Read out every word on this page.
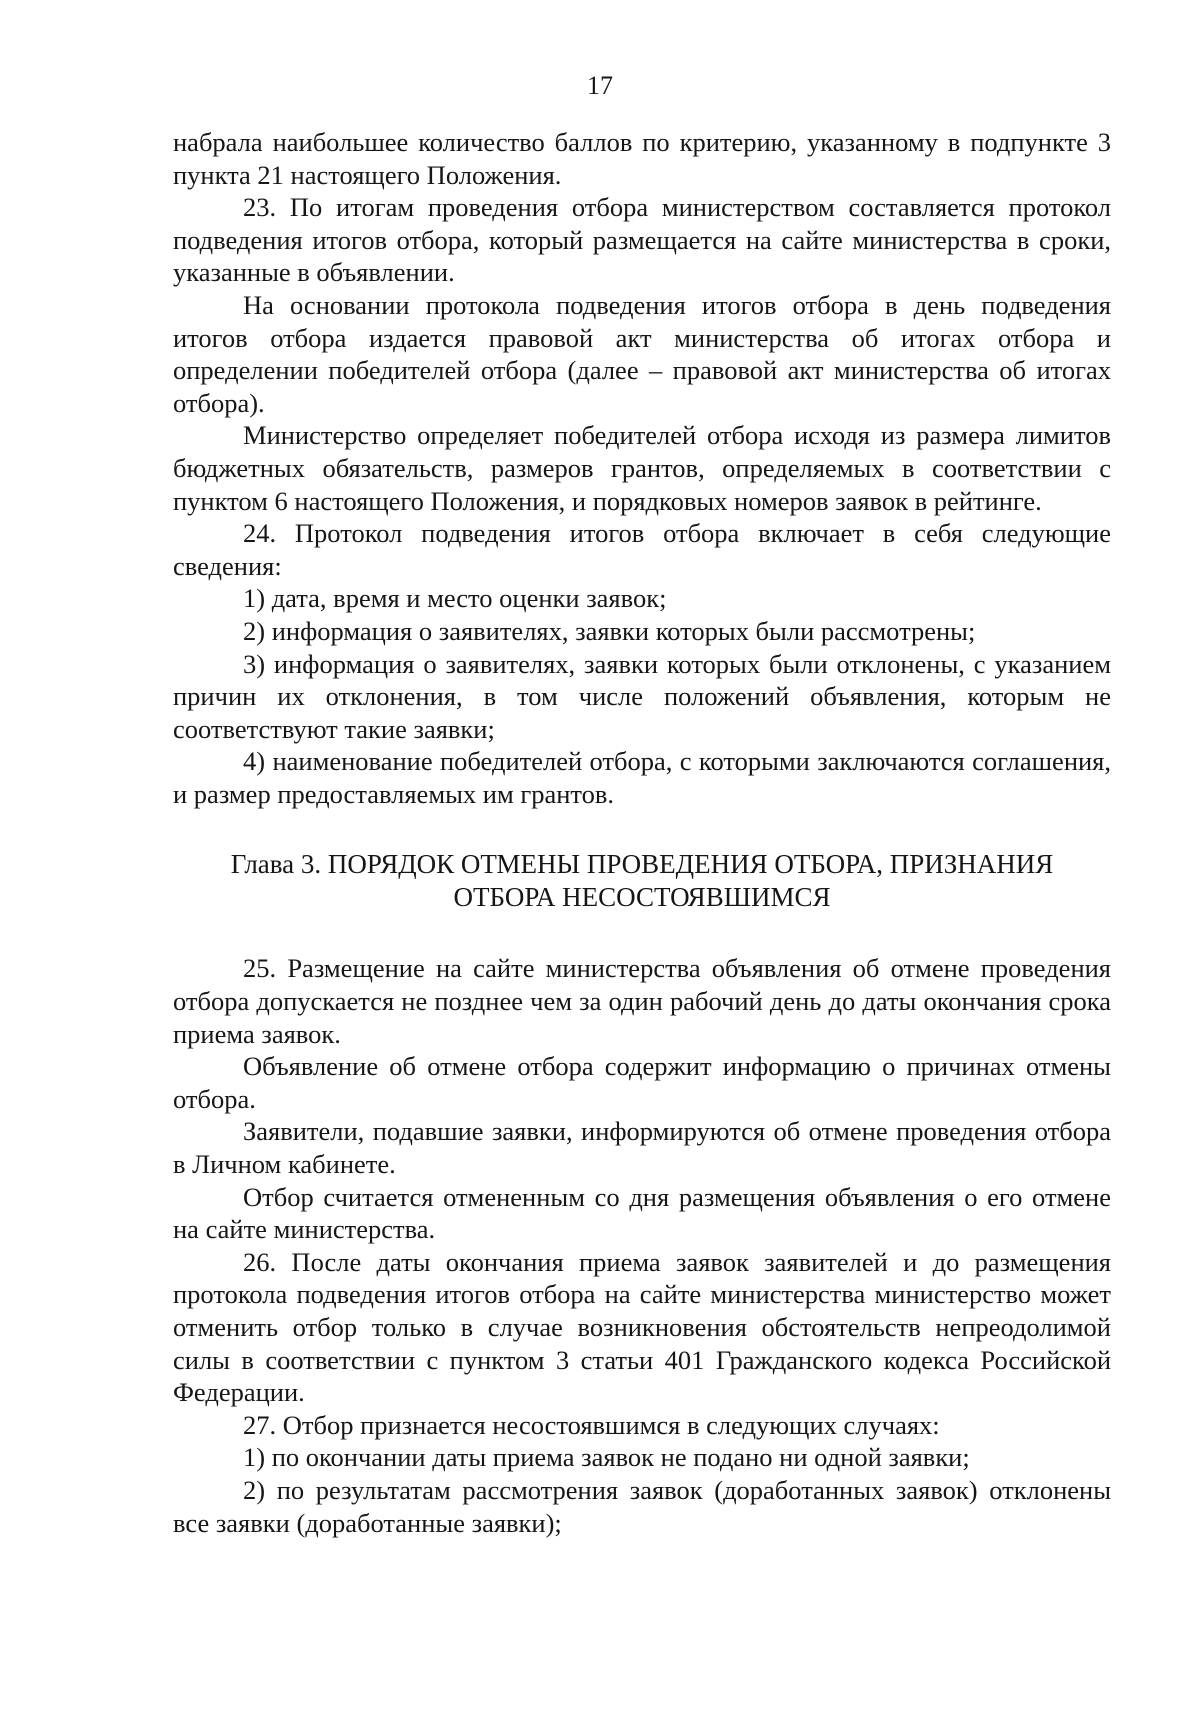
17

набрала наибольшее количество баллов по критерию, указанному в подпункте 3 пункта 21 настоящего Положения.

23. По итогам проведения отбора министерством составляется протокол подведения итогов отбора, который размещается на сайте министерства в сроки, указанные в объявлении.

На основании протокола подведения итогов отбора в день подведения итогов отбора издается правовой акт министерства об итогах отбора и определении победителей отбора (далее – правовой акт министерства об итогах отбора).

Министерство определяет победителей отбора исходя из размера лимитов бюджетных обязательств, размеров грантов, определяемых в соответствии с пунктом 6 настоящего Положения, и порядковых номеров заявок в рейтинге.

24. Протокол подведения итогов отбора включает в себя следующие сведения:

1) дата, время и место оценки заявок;

2) информация о заявителях, заявки которых были рассмотрены;

3) информация о заявителях, заявки которых были отклонены, с указанием причин их отклонения, в том числе положений объявления, которым не соответствуют такие заявки;

4) наименование победителей отбора, с которыми заключаются соглашения, и размер предоставляемых им грантов.

Глава 3. ПОРЯДОК ОТМЕНЫ ПРОВЕДЕНИЯ ОТБОРА, ПРИЗНАНИЯ
ОТБОРА НЕСОСТОЯВШИМСЯ

25. Размещение на сайте министерства объявления об отмене проведения отбора допускается не позднее чем за один рабочий день до даты окончания срока приема заявок.

Объявление об отмене отбора содержит информацию о причинах отмены отбора.

Заявители, подавшие заявки, информируются об отмене проведения отбора в Личном кабинете.

Отбор считается отмененным со дня размещения объявления о его отмене на сайте министерства.

26. После даты окончания приема заявок заявителей и до размещения протокола подведения итогов отбора на сайте министерства министерство может отменить отбор только в случае возникновения обстоятельств непреодолимой силы в соответствии с пунктом 3 статьи 401 Гражданского кодекса Российской Федерации.

27. Отбор признается несостоявшимся в следующих случаях:

1) по окончании даты приема заявок не подано ни одной заявки;

2) по результатам рассмотрения заявок (доработанных заявок) отклонены все заявки (доработанные заявки);
